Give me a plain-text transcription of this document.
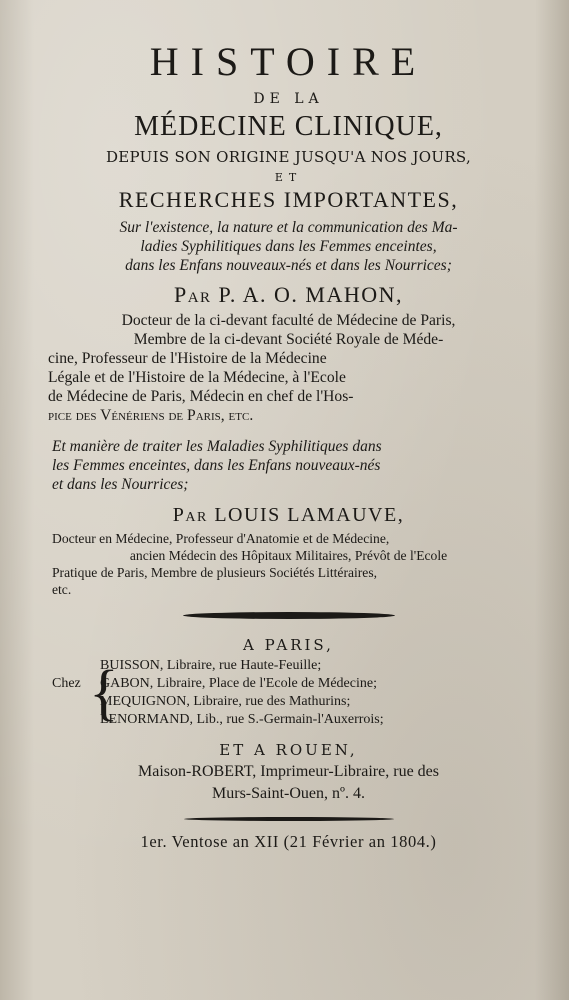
HISTOIRE
DE LA
MÉDECINE CLINIQUE,
DEPUIS SON ORIGINE JUSQU'A NOS JOURS,
ET
RECHERCHES IMPORTANTES,
Sur l'existence, la nature et la communication des Ma-
ladies Syphilitiques dans les Femmes enceintes,
dans les Enfans nouveaux-nés et dans les Nourrices;
Par P. A. O. MAHON,
Docteur de la ci-devant faculté de Médecine de Paris,
Membre de la ci-devant Société Royale de Méde-
cine, Professeur de l'Histoire de la Médecine
Légale et de l'Histoire de la Médecine, à l'Ecole
de Médecine de Paris, Médecin en chef de l'Hos-
pice des Vénériens de Paris, etc.
Et manière de traiter les Maladies Syphilitiques dans
les Femmes enceintes, dans les Enfans nouveaux-nés
et dans les Nourrices;
Par LOUIS LAMAUVE,
Docteur en Médecine, Professeur d'Anatomie et de Médecine,
ancien Médecin des Hôpitaux Militaires, Prévôt de l'Ecole
Pratique de Paris, Membre de plusieurs Sociétés Littéraires,
etc.
A PARIS,
Chez {
BUISSON, Libraire, rue Haute-Feuille;
GABON, Libraire, Place de l'Ecole de Médecine;
MEQUIGNON, Libraire, rue des Mathurins;
LENORMAND, Lib., rue S.-Germain-l'Auxerrois;
ET A ROUEN,
Maison-ROBERT, Imprimeur-Libraire, rue des
Murs-Saint-Ouen, nº. 4.
1er. Ventose an XII (21 Février an 1804.)
